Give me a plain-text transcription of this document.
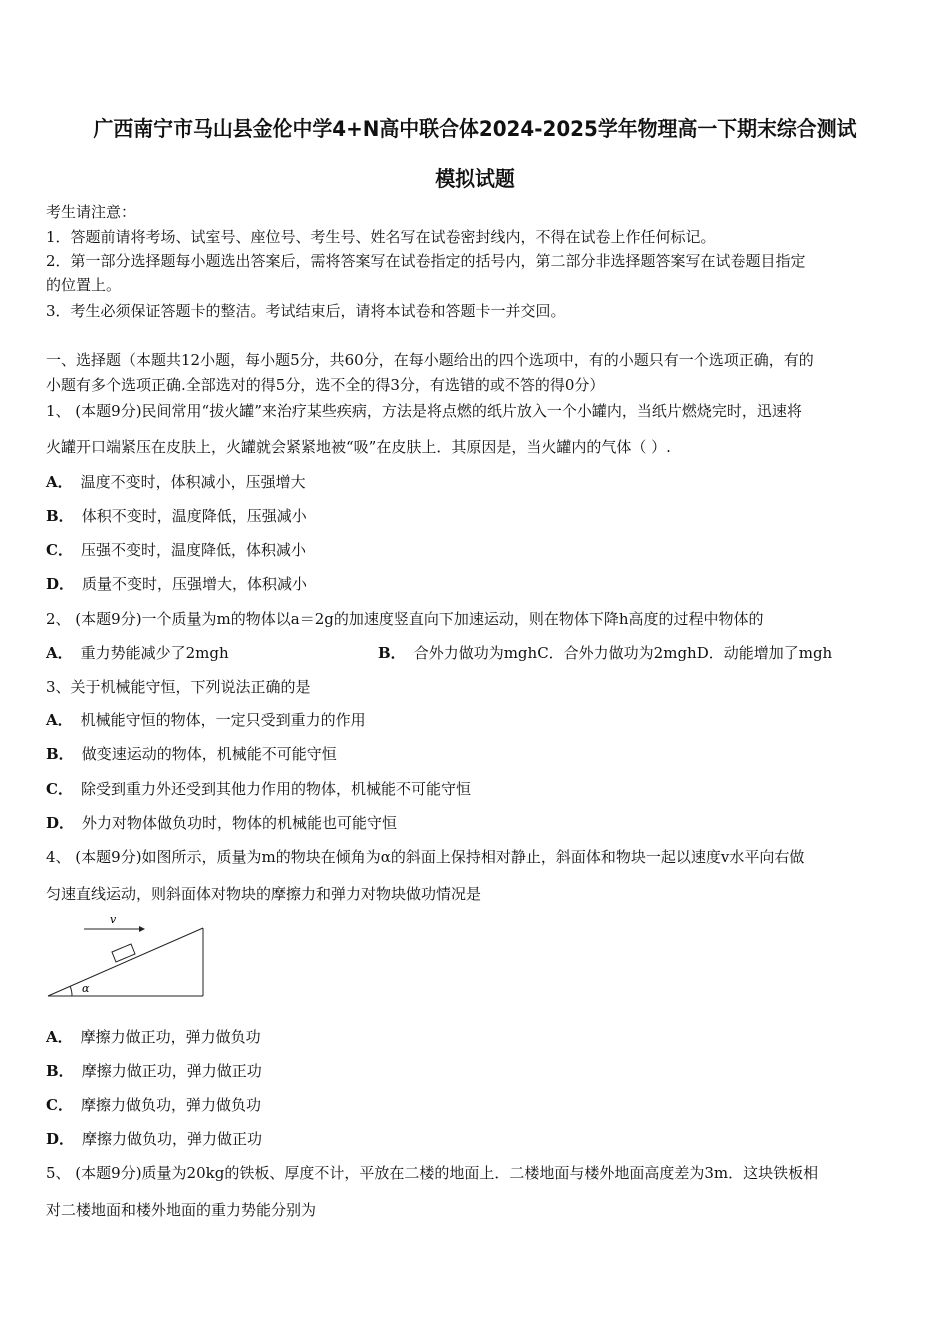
广西南宁市马山县金伦中学4+N高中联合体2024-2025学年物理高一下期末综合测试
模拟试题
考生请注意：
1．答题前请将考场、试室号、座位号、考生号、姓名写在试卷密封线内，不得在试卷上作任何标记。
2．第一部分选择题每小题选出答案后，需将答案写在试卷指定的括号内，第二部分非选择题答案写在试卷题目指定
的位置上。
3．考生必须保证答题卡的整洁。考试结束后，请将本试卷和答题卡一并交回。
一、选择题（本题共12小题，每小题5分，共60分，在每小题给出的四个选项中，有的小题只有一个选项正确，有的
小题有多个选项正确.全部选对的得5分，选不全的得3分，有选错的或不答的得0分）
1、 (本题9分)民间常用“拔火罐”来治疗某些疾病，方法是将点燃的纸片放入一个小罐内，当纸片燃烧完时，迅速将
火罐开口端紧压在皮肤上，火罐就会紧紧地被“吸”在皮肤上．其原因是，当火罐内的气体（ ）.
A． 温度不变时，体积减小，压强增大
B． 体积不变时，温度降低，压强减小
C． 压强不变时，温度降低，体积减小
D． 质量不变时，压强增大，体积减小
2、 (本题9分)一个质量为m的物体以a＝2g的加速度竖直向下加速运动，则在物体下降h高度的过程中物体的
A． 重力势能减少了2mgh	B． 合外力做功为mghC．合外力做功为2mghD．动能增加了mgh
3、关于机械能守恒，下列说法正确的是
A． 机械能守恒的物体，一定只受到重力的作用
B． 做变速运动的物体，机械能不可能守恒
C． 除受到重力外还受到其他力作用的物体，机械能不可能守恒
D． 外力对物体做负功时，物体的机械能也可能守恒
4、 (本题9分)如图所示，质量为m的物块在倾角为α的斜面上保持相对静止，斜面体和物块一起以速度v水平向右做
匀速直线运动，则斜面体对物块的摩擦力和弹力对物块做功情况是
v
α
A． 摩擦力做正功，弹力做负功
B． 摩擦力做正功，弹力做正功
C． 摩擦力做负功，弹力做负功
D． 摩擦力做负功，弹力做正功
5、 (本题9分)质量为20kg的铁板、厚度不计，平放在二楼的地面上．二楼地面与楼外地面高度差为3m．这块铁板相
对二楼地面和楼外地面的重力势能分别为
